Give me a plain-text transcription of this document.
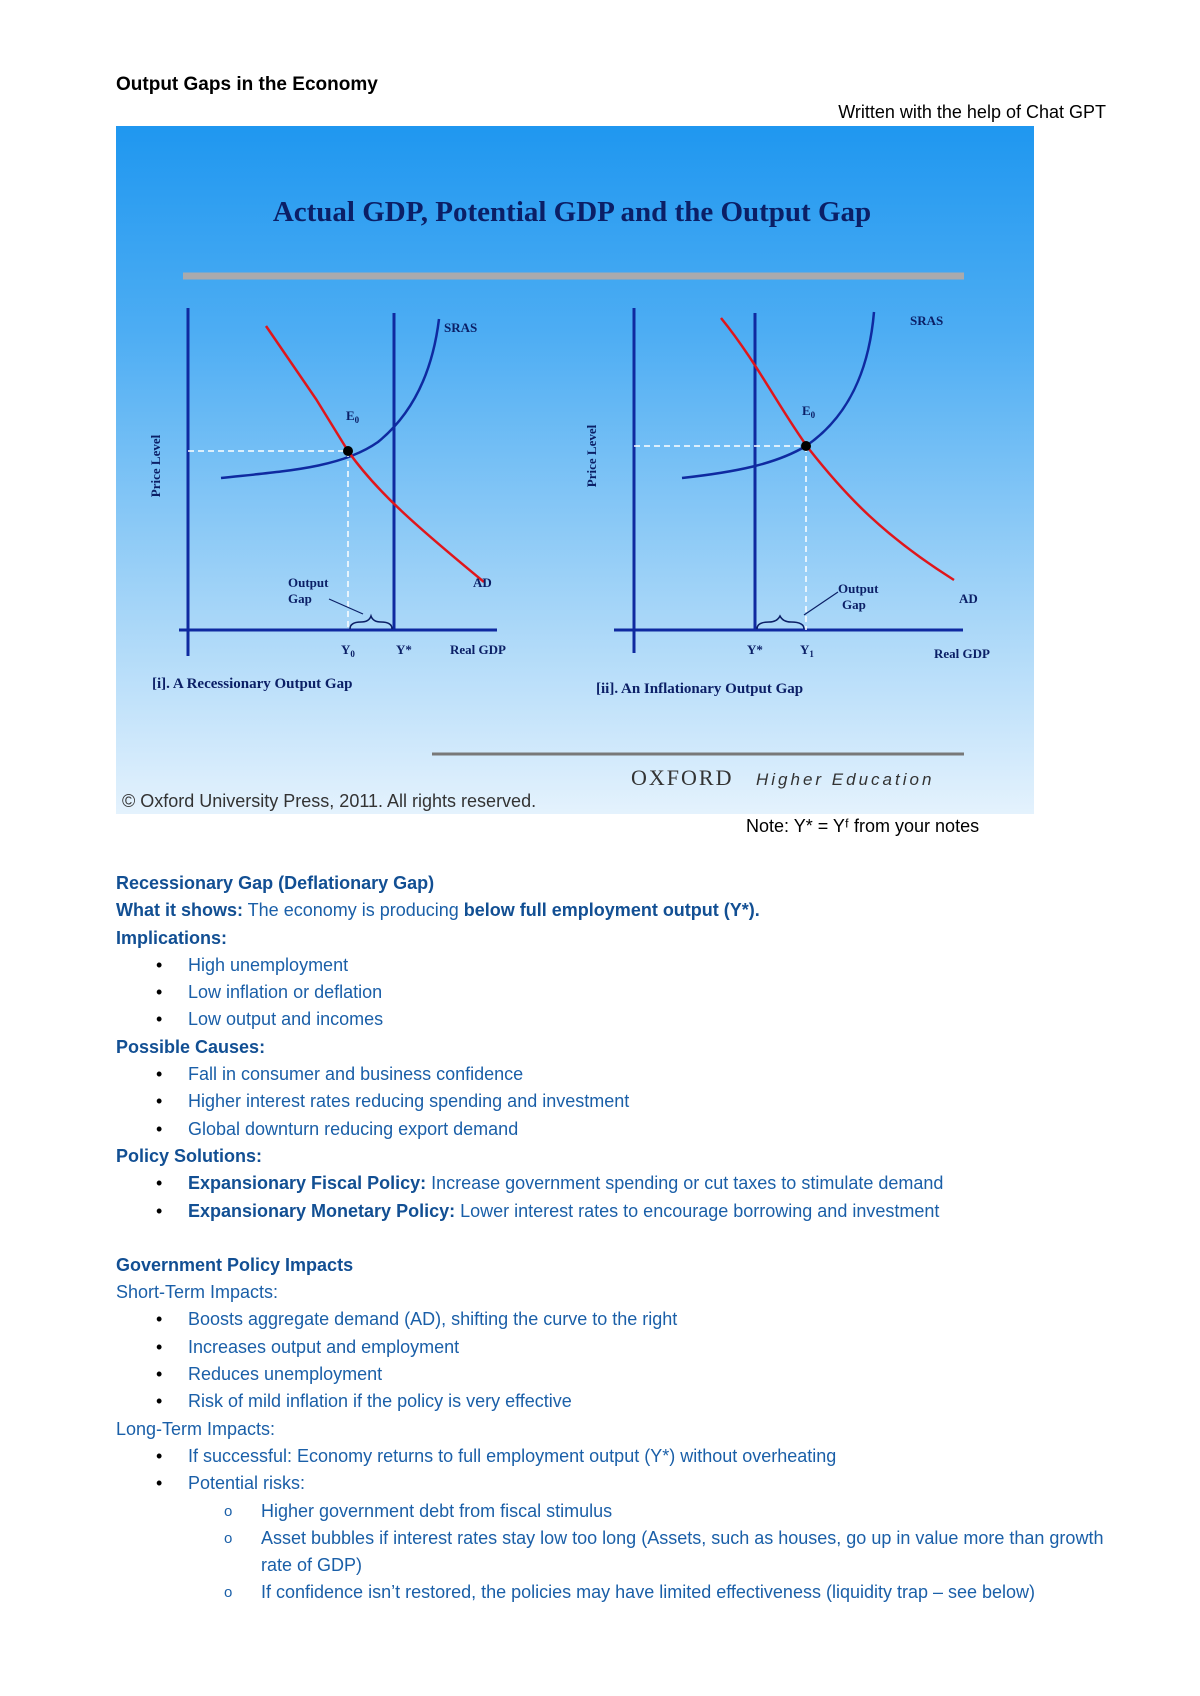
Output Gaps in the Economy
Written with the help of Chat GPT
Actual GDP, Potential GDP and the Output Gap
$E_0$
SRAS
AD
Price Level
Real GDP
$Y_0$	Y*
Output
Gap
[i]. A Recessionary Output Gap
$E_0$
SRAS
AD
Price Level
Real GDP
Y*	$Y_1$
Output
Gap
[ii]. An Inflationary Output Gap
OXFORD Higher Education
© Oxford University Press, 2011. All rights reserved.
Note: Y* = Yᶠ from your notes

Recessionary Gap (Deflationary Gap)

What it shows: The economy is producing below full employment output (Y*).

Implications:

• High unemployment
• Low inflation or deflation
• Low output and incomes

Possible Causes:

• Fall in consumer and business confidence
• Higher interest rates reducing spending and investment
• Global downturn reducing export demand

Policy Solutions:

• Expansionary Fiscal Policy: Increase government spending or cut taxes to stimulate demand
• Expansionary Monetary Policy: Lower interest rates to encourage borrowing and investment

Government Policy Impacts

Short-Term Impacts:

• Boosts aggregate demand (AD), shifting the curve to the right
• Increases output and employment
• Reduces unemployment
• Risk of mild inflation if the policy is very effective

Long-Term Impacts:

• If successful: Economy returns to full employment output (Y*) without overheating
• Potential risks:
o Higher government debt from fiscal stimulus
o Asset bubbles if interest rates stay low too long (Assets, such as houses, go up in value more than growth rate of GDP)
o If confidence isn’t restored, the policies may have limited effectiveness (liquidity trap – see below)
